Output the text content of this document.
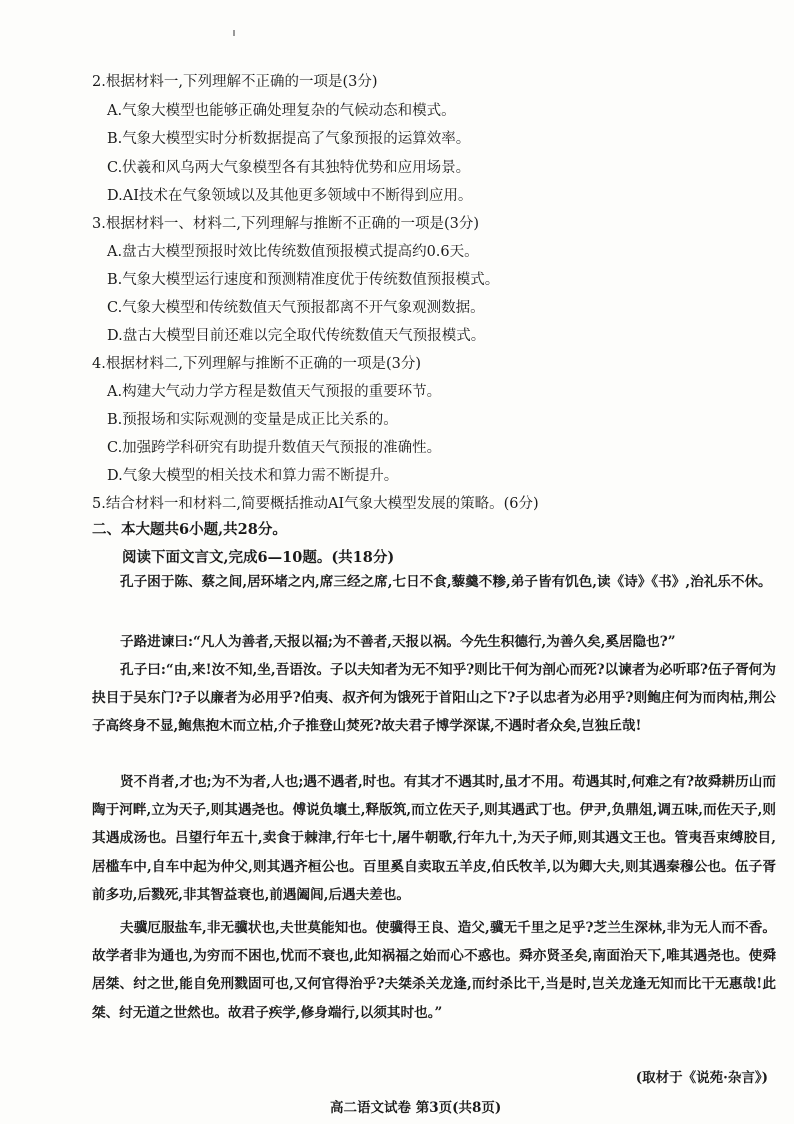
2.根据材料一,下列理解不正确的一项是(3分)
A.气象大模型也能够正确处理复杂的气候动态和模式。
B.气象大模型实时分析数据提高了气象预报的运算效率。
C.伏羲和风乌两大气象模型各有其独特优势和应用场景。
D.AI技术在气象领域以及其他更多领域中不断得到应用。
3.根据材料一、材料二,下列理解与推断不正确的一项是(3分)
A.盘古大模型预报时效比传统数值预报模式提高约0.6天。
B.气象大模型运行速度和预测精准度优于传统数值预报模式。
C.气象大模型和传统数值天气预报都离不开气象观测数据。
D.盘古大模型目前还难以完全取代传统数值天气预报模式。
4.根据材料二,下列理解与推断不正确的一项是(3分)
A.构建大气动力学方程是数值天气预报的重要环节。
B.预报场和实际观测的变量是成正比关系的。
C.加强跨学科研究有助提升数值天气预报的准确性。
D.气象大模型的相关技术和算力需不断提升。
5.结合材料一和材料二,简要概括推动AI气象大模型发展的策略。(6分)
二、本大题共6小题,共28分。
阅读下面文言文,完成6—10题。(共18分)
孔子困于陈、蔡之间,居环堵之内,席三经之席,七日不食,藜羹不糁,弟子皆有饥色,读《诗》《书》,治礼乐不休。
子路进谏曰:“凡人为善者,天报以福;为不善者,天报以祸。今先生积德行,为善久矣,奚居隐也?”
孔子曰:“由,来!汝不知,坐,吾语汝。子以夫知者为无不知乎?则比干何为剖心而死?以谏者为必听耶?伍子胥何为抉目于吴东门?子以廉者为必用乎?伯夷、叔齐何为饿死于首阳山之下?子以忠者为必用乎?则鲍庄何为而肉枯,荆公子高终身不显,鲍焦抱木而立枯,介子推登山焚死?故夫君子博学深谋,不遇时者众矣,岂独丘哉!
贤不肖者,才也;为不为者,人也;遇不遇者,时也。有其才不遇其时,虽才不用。苟遇其时,何难之有?故舜耕历山而陶于河畔,立为天子,则其遇尧也。傅说负壤土,释版筑,而立佐天子,则其遇武丁也。伊尹,负鼎俎,调五味,而佐天子,则其遇成汤也。吕望行年五十,卖食于棘津,行年七十,屠牛朝歌,行年九十,为天子师,则其遇文王也。管夷吾束缚胶目,居槛车中,自车中起为仲父,则其遇齐桓公也。百里奚自卖取五羊皮,伯氏牧羊,以为卿大夫,则其遇秦穆公也。伍子胥前多功,后戮死,非其智益衰也,前遇阖闾,后遇夫差也。
夫骥厄服盐车,非无骥状也,夫世莫能知也。使骥得王良、造父,骥无千里之足乎?芝兰生深林,非为无人而不香。故学者非为通也,为穷而不困也,忧而不衰也,此知祸福之始而心不惑也。舜亦贤圣矣,南面治天下,唯其遇尧也。使舜居桀、纣之世,能自免刑戮固可也,又何官得治乎?夫桀杀关龙逢,而纣杀比干,当是时,岂关龙逢无知而比干无惠哉!此桀、纣无道之世然也。故君子疾学,修身端行,以须其时也。”
(取材于《说苑·杂言》)
高二语文试卷 第3页(共8页)
